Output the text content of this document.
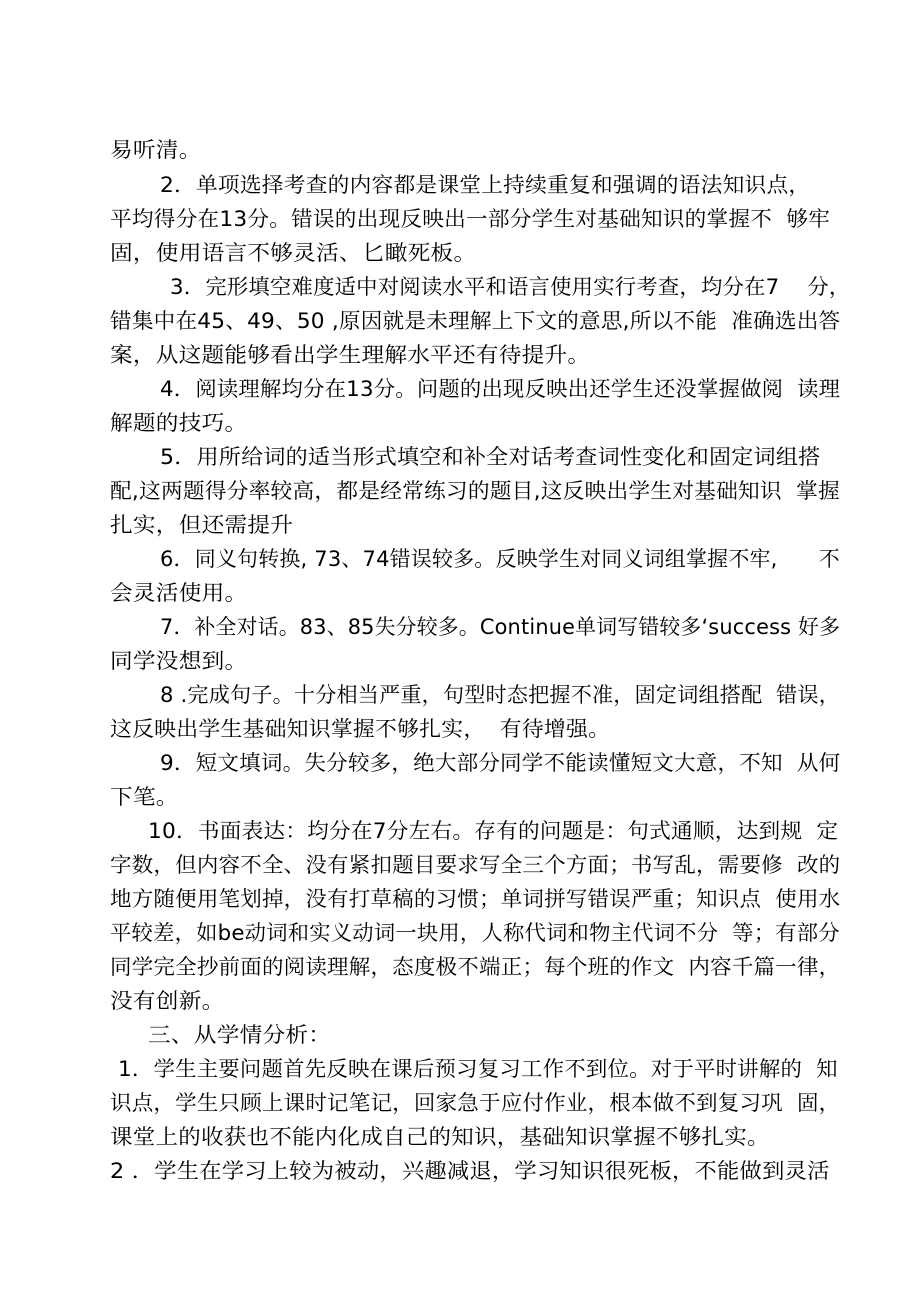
易听清。
2．单项选择考查的内容都是课堂上持续重复和强调的语法知识点，
平均得分在13分。错误的出现反映出一部分学生对基础知识的掌握不  够牢
固，使用语言不够灵活、匕瞰死板。
3．完形填空难度适中对阅读水平和语言使用实行考查，均分在7    分，
错集中在45、49、50 ,原因就是未理解上下文的意思,所以不能  准确选出答
案，从这题能够看出学生理解水平还有待提升。
4．阅读理解均分在13分。问题的出现反映出还学生还没掌握做阅  读理
解题的技巧。
5．用所给词的适当形式填空和补全对话考查词性变化和固定词组搭
配,这两题得分率较高，都是经常练习的题目,这反映出学生对基础知识  掌握
扎实，但还需提升
6．同义句转换, 73、74错误较多。反映学生对同义词组掌握不牢,      不
会灵活使用。
7．补全对话。83、85失分较多。Continue单词写错较多‘success 好多
同学没想到。
8 .完成句子。十分相当严重，句型时态把握不准，固定词组搭配  错误，
这反映出学生基础知识掌握不够扎实，  有待增强。
9．短文填词。失分较多，绝大部分同学不能读懂短文大意，不知  从何
下笔。
10．书面表达：均分在7分左右。存有的问题是：句式通顺，达到规  定
字数，但内容不全、没有紧扣题目要求写全三个方面；书写乱，需要修  改的
地方随便用笔划掉，没有打草稿的习惯；单词拼写错误严重；知识点  使用水
平较差，如be动词和实义动词一块用，人称代词和物主代词不分  等；有部分
同学完全抄前面的阅读理解，态度极不端正；每个班的作文  内容千篇一律，
没有创新。
三、从学情分析：
1．学生主要问题首先反映在课后预习复习工作不到位。对于平时讲解的  知
识点，学生只顾上课时记笔记，回家急于应付作业，根本做不到复习巩  固，
课堂上的收获也不能内化成自己的知识，基础知识掌握不够扎实。
2 ．学生在学习上较为被动，兴趣减退，学习知识很死板，不能做到灵活
